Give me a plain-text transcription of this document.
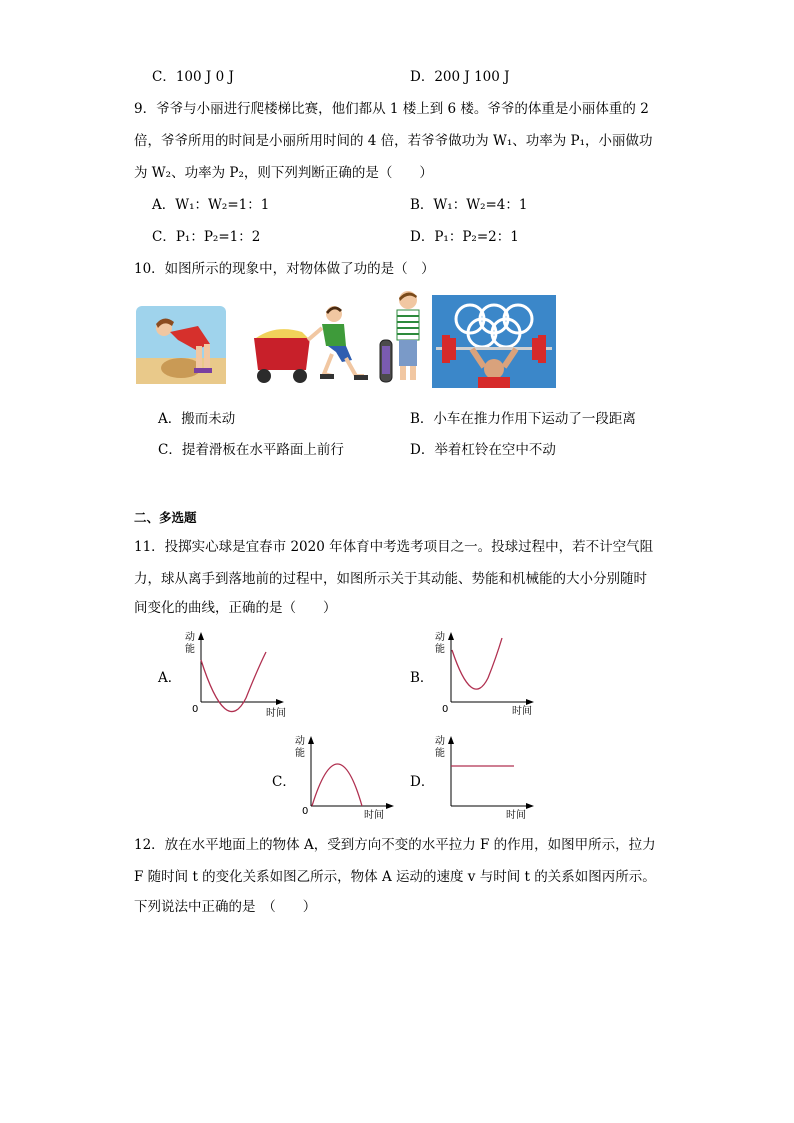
C．100 J 0 J	D．200 J 100 J
9．爷爷与小丽进行爬楼梯比赛，他们都从 1 楼上到 6 楼。爷爷的体重是小丽体重的 2
倍，爷爷所用的时间是小丽所用时间的 4 倍，若爷爷做功为 W₁、功率为 P₁，小丽做功
为 W₂、功率为 P₂，则下列判断正确的是（　　）
A．W₁：W₂=1：1	B．W₁：W₂=4：1
C．P₁：P₂=1：2	D．P₁：P₂=2：1
10．如图所示的现象中，对物体做了功的是（　）
A．搬而未动	B．小车在推力作用下运动了一段距离
C．提着滑板在水平路面上前行	D．举着杠铃在空中不动
二、多选题
11．投掷实心球是宜春市 2020 年体育中考选考项目之一。投球过程中，若不计空气阻
力，球从离手到落地前的过程中，如图所示关于其动能、势能和机械能的大小分别随时
间变化的曲线，正确的是（　　）
A．	B．
C．	D．
动
能
0	时间
动
能
0	时间
动
能
0	时间
动
能
时间
12．放在水平地面上的物体 A，受到方向不变的水平拉力 F 的作用，如图甲所示，拉力
F 随时间 t 的变化关系如图乙所示，物体 A 运动的速度 v 与时间 t 的关系如图丙所示。
下列说法中正确的是　（　　）
